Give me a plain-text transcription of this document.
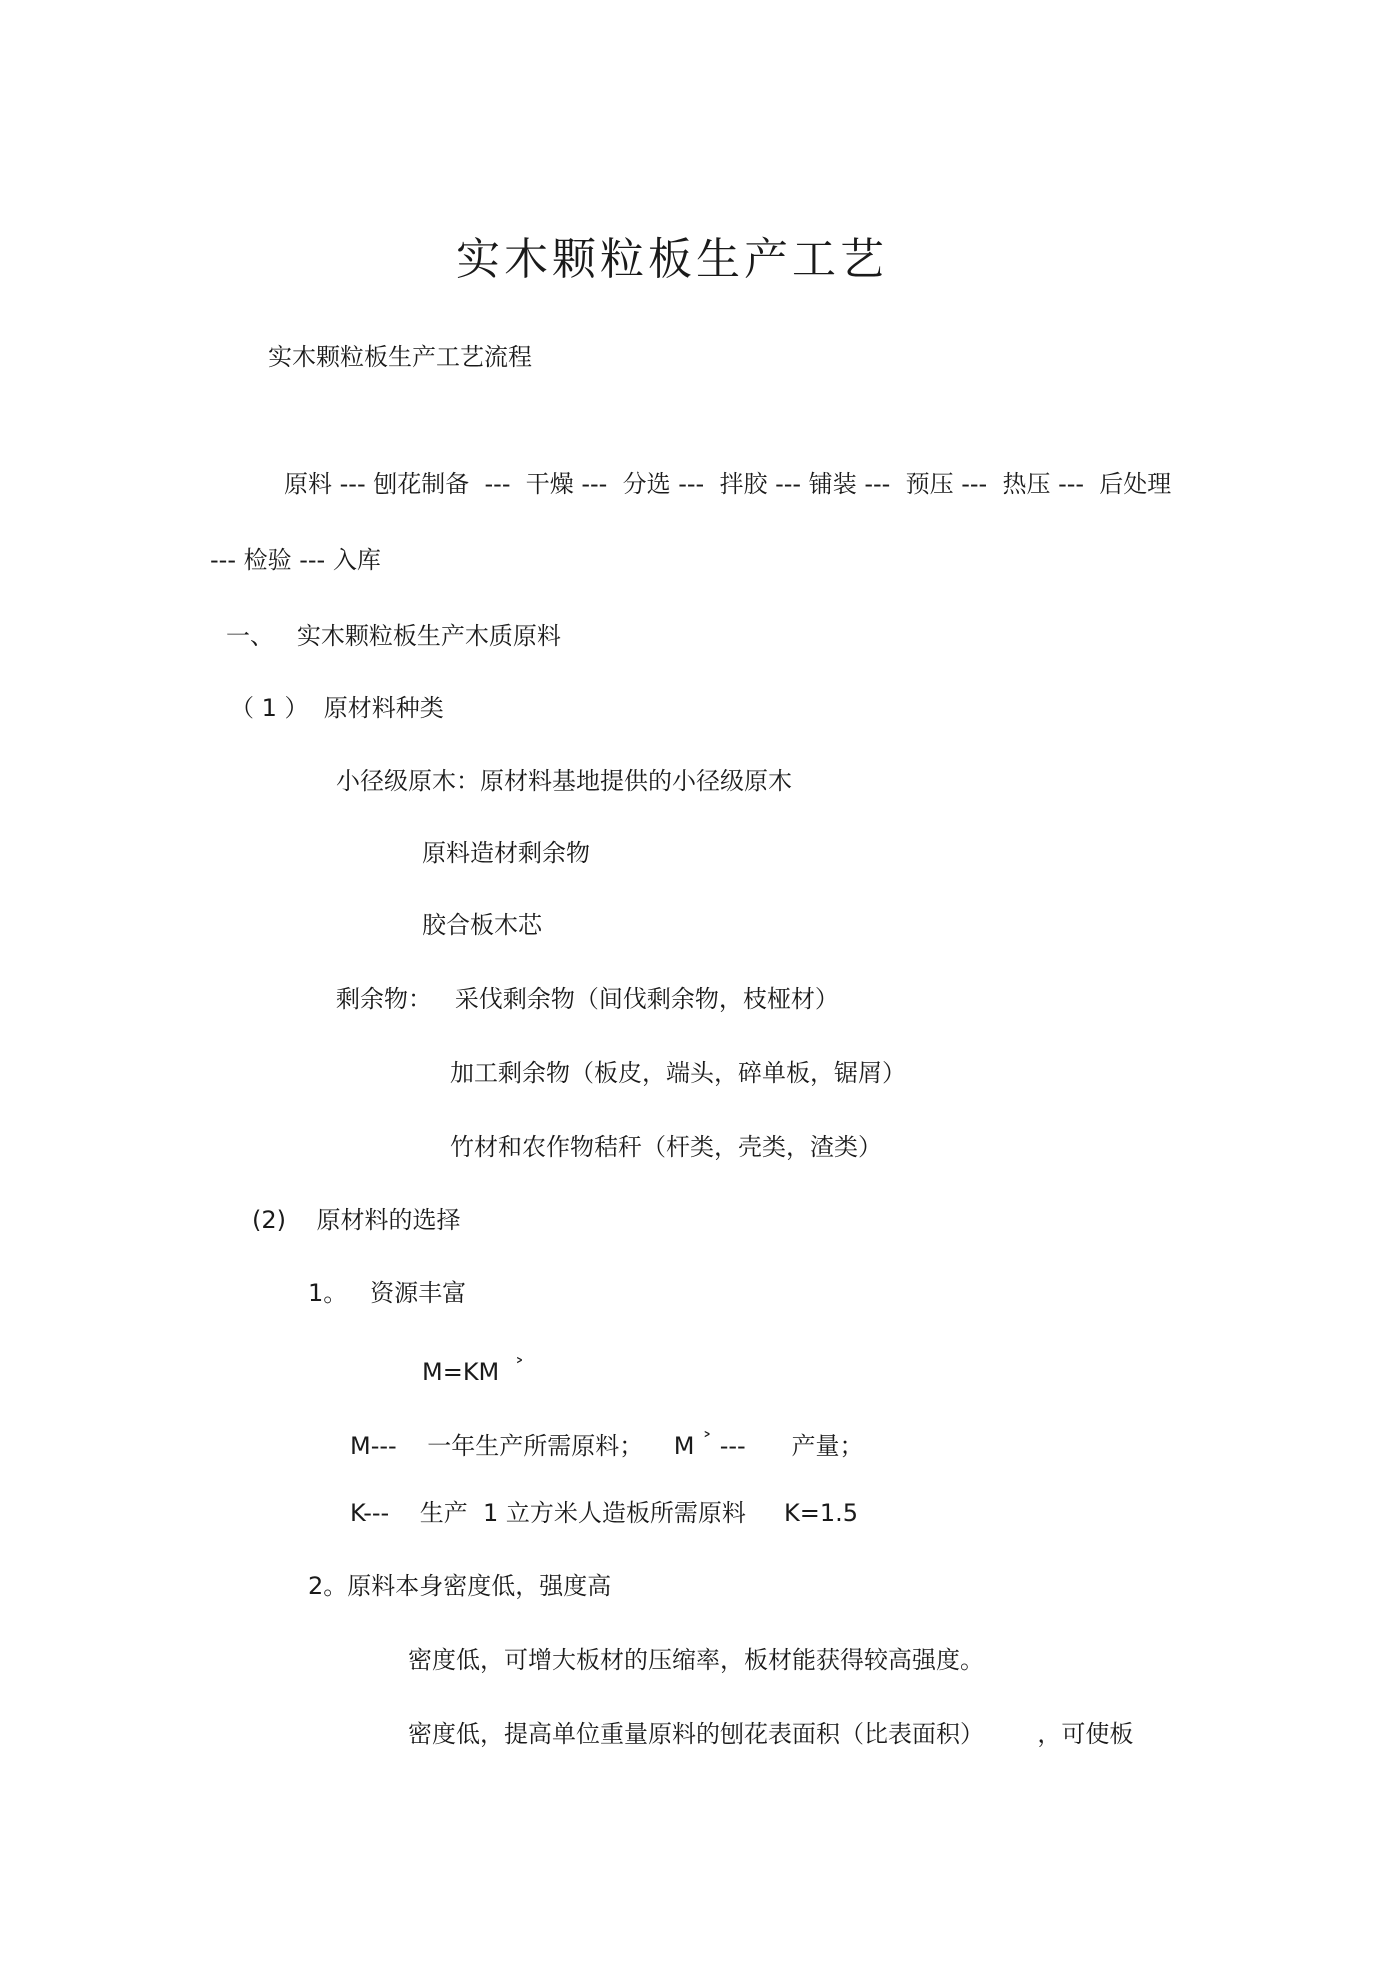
实木颗粒板生产工艺
实木颗粒板生产工艺流程
原料 --- 刨花制备  ---  干燥 ---  分选 ---  拌胶 --- 铺装 ---  预压 ---  热压 ---  后处理
--- 检验 --- 入库
一、   实木颗粒板生产木质原料
（ 1 ）  原材料种类
小径级原木：原材料基地提供的小径级原木
原料造材剩余物
胶合板木芯
剩余物：   采伐剩余物（间伐剩余物，枝桠材）
加工剩余物（板皮，端头，碎单板，锯屑）
竹材和农作物秸秆（杆类，壳类，渣类）
(2)    原材料的选择
1。   资源丰富
M=KM ˃
M---    一年生产所需原料；    M ˃ ---      产量；
K---    生产  1 立方米人造板所需原料     K=1.5
2。原料本身密度低，强度高
密度低，可增大板材的压缩率，板材能获得较高强度。
密度低，提高单位重量原料的刨花表面积（比表面积）       ，可使板
